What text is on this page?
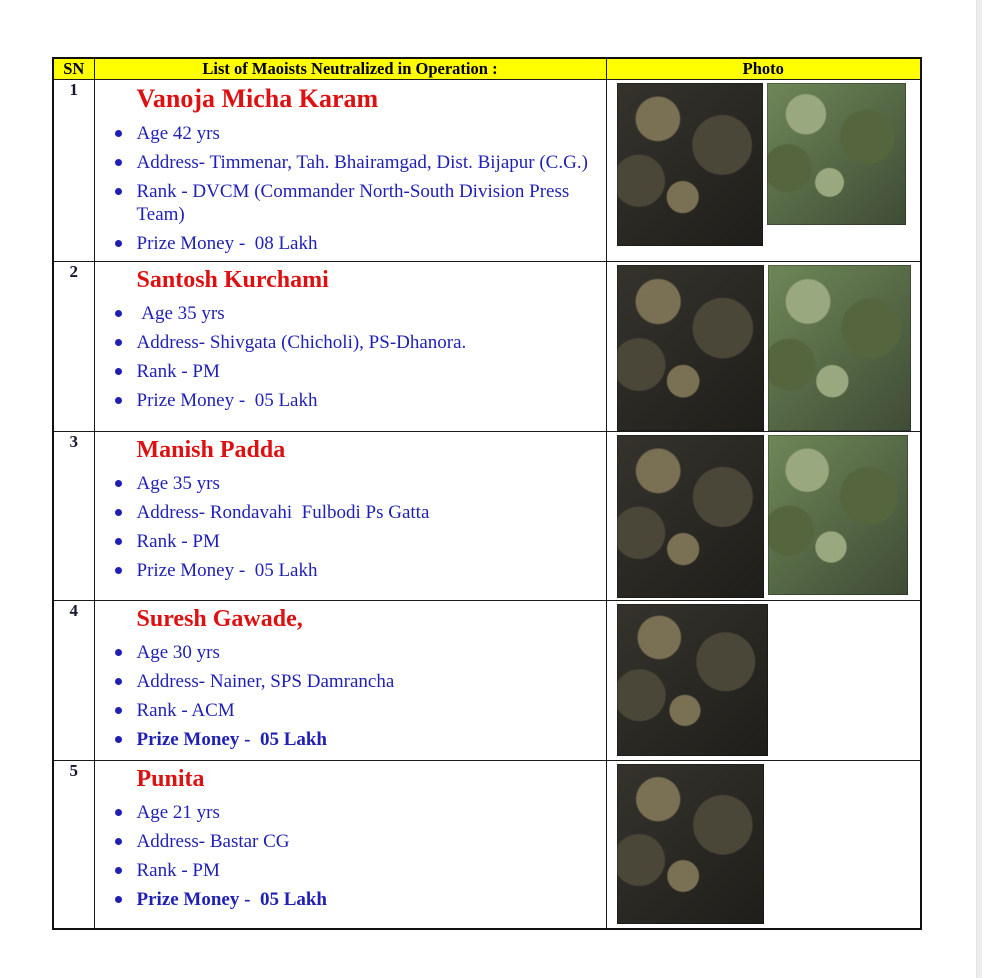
SN	List of Maoists Neutralized in Operation :	Photo
1	Vanoja Micha Karam
Age 42 yrs
Address- Timmenar, Tah. Bhairamgad, Dist. Bijapur (C.G.)
Rank - DVCM (Commander North-South Division Press Team)
Prize Money -  08 Lakh

2	Santosh Kurchami
Age 35 yrs
Address- Shivgata (Chicholi), PS-Dhanora.
Rank - PM
Prize Money -  05 Lakh

3	Manish Padda
Age 35 yrs
Address- Rondavahi  Fulbodi Ps Gatta
Rank - PM
Prize Money -  05 Lakh

4	Suresh Gawade,
Age 30 yrs
Address- Nainer, SPS Damrancha
Rank - ACM
Prize Money -  05 Lakh

5	Punita
Age 21 yrs
Address- Bastar CG
Rank - PM
Prize Money -  05 Lakh
